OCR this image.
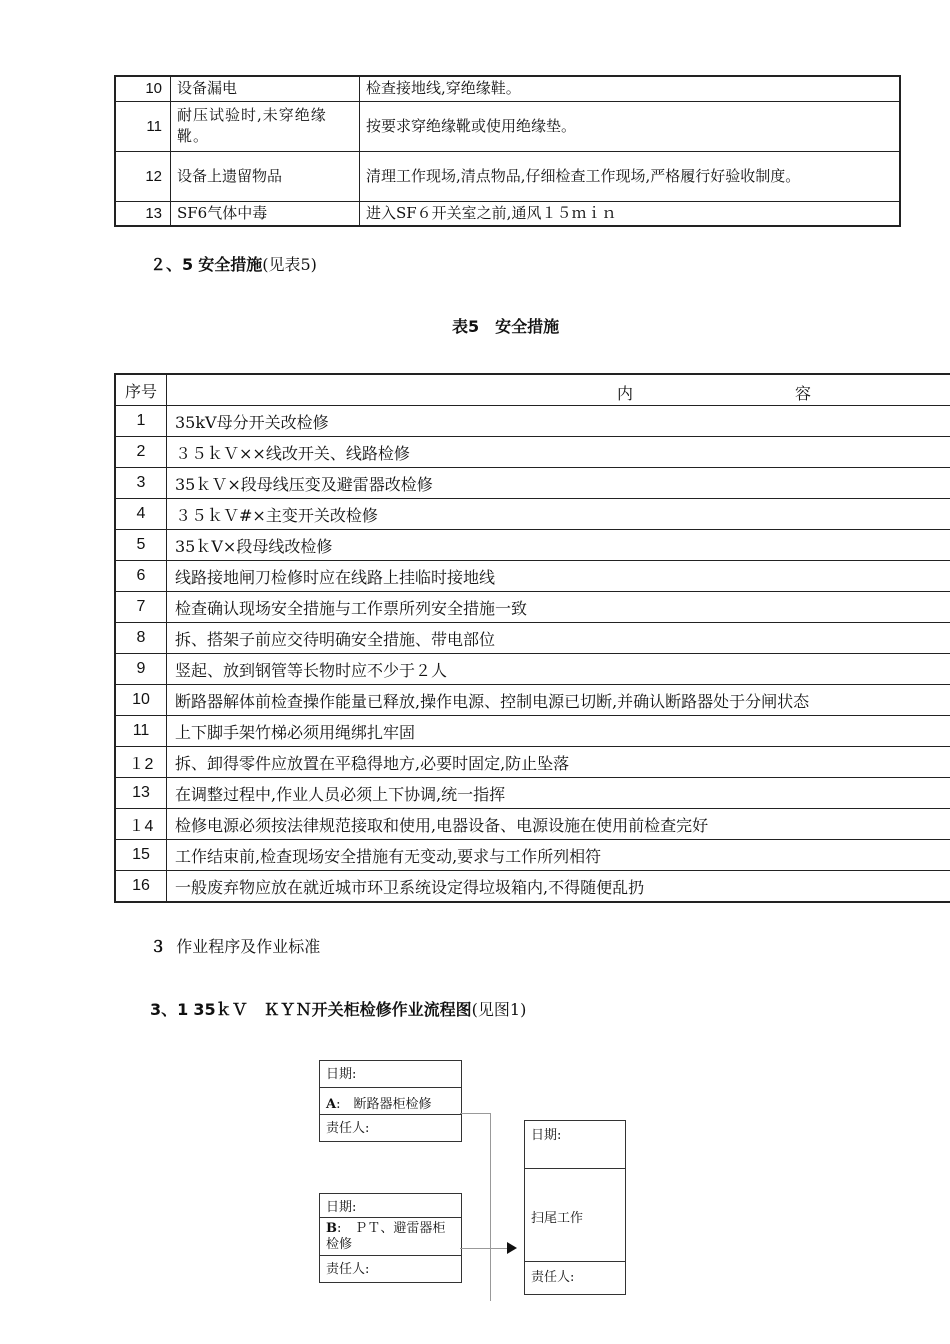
10	设备漏电	检查接地线,穿绝缘鞋。
11	耐压试验时,未穿绝缘靴。	按要求穿绝缘靴或使用绝缘垫。
12	设备上遗留物品	清理工作现场,清点物品,仔细检查工作现场,严格履行好验收制度。
13	SF6气体中毒	进入SF６开关室之前,通风１５ｍｉｎ
２、5 安全措施(见表5)
表5　安全措施
序号	内 容

1	35kV母分开关改检修
2	３５ｋＶ××线改开关、线路检修
3	35ｋＶ×段母线压变及避雷器改检修
4	３５ｋＶ#×主变开关改检修
5	35ｋV×段母线改检修
6	线路接地闸刀检修时应在线路上挂临时接地线
7	检查确认现场安全措施与工作票所列安全措施一致
8	拆、搭架子前应交待明确安全措施、带电部位
9	竖起、放到钢管等长物时应不少于２人
10	断路器解体前检查操作能量已释放,操作电源、控制电源已切断,并确认断路器处于分闸状态
11	上下脚手架竹梯必须用绳绑扎牢固
１2	拆、卸得零件应放置在平稳得地方,必要时固定,防止坠落
13	在调整过程中,作业人员必须上下协调,统一指挥
１4	检修电源必须按法律规范接取和使用,电器设备、电源设施在使用前检查完好
15	工作结束前,检查现场安全措施有无变动,要求与工作所列相符
16	一般废弃物应放在就近城市环卫系统设定得垃圾箱内,不得随便乱扔
３ 作业程序及作业标准
3、1 35ｋＶ　ＫＹＮ开关柜检修作业流程图(见图1)
日期:
A:　断路器柜检修
责任人:
日期:
B:　ＰＴ、避雷器柜检修
责任人:
日期:
扫尾工作
责任人:
